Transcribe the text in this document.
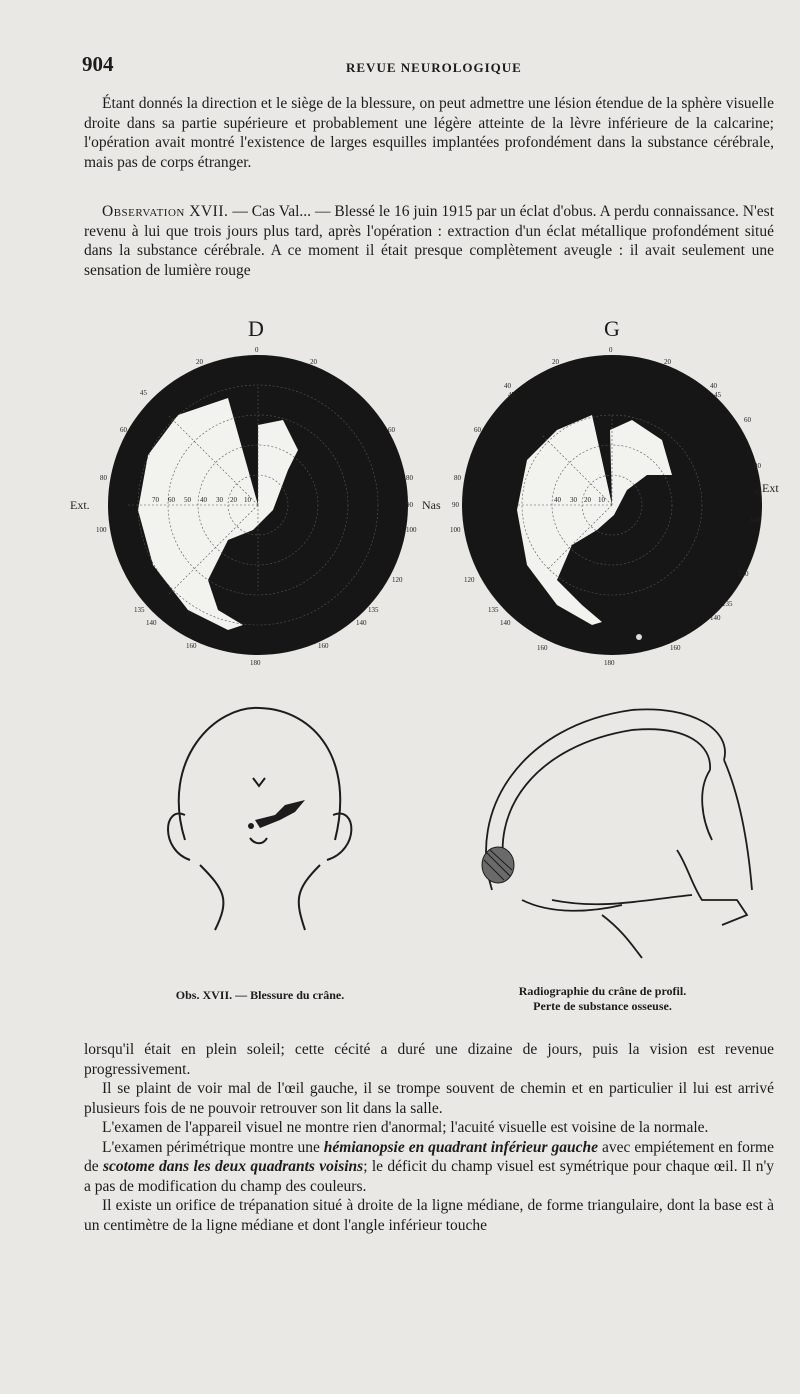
904	REVUE NEUROLOGIQUE

Étant donnés la direction et le siège de la blessure, on peut admettre une lésion étendue de la sphère visuelle droite dans sa partie supérieure et probablement une légère atteinte de la lèvre inférieure de la calcarine; l'opération avait montré l'existence de larges esquilles implantées profondément dans la substance cérébrale, mais pas de corps étranger.

Observation XVII. — Cas Val... — Blessé le 16 juin 1915 par un éclat d'obus. A perdu connaissance. N'est revenu à lui que trois jours plus tard, après l'opération : extraction d'un éclat métallique profondément situé dans la substance cérébrale. A ce moment il était presque complètement aveugle : il avait seulement une sensation de lumière rouge

D	G
0
20	20
45
60	60
80	80
90
100	100
120
135	135
140	140
160	160
180
70 60 50 40 30 20 10
Ext.	Nas
0
20	20
40	40
45	45
60
60
80
80
90
90
100
100
120
120
135
135
140
140
160	160
180
40 30 20 10
Ext
Obs. XVII. — Blessure du crâne.	Radiographie du crâne de profil.
Perte de substance osseuse.

lorsqu'il était en plein soleil; cette cécité a duré une dizaine de jours, puis la vision est revenue progressivement.

Il se plaint de voir mal de l'œil gauche, il se trompe souvent de chemin et en particulier il lui est arrivé plusieurs fois de ne pouvoir retrouver son lit dans la salle.

L'examen de l'appareil visuel ne montre rien d'anormal; l'acuité visuelle est voisine de la normale.

L'examen périmétrique montre une hémianopsie en quadrant inférieur gauche avec empiétement en forme de scotome dans les deux quadrants voisins; le déficit du champ visuel est symétrique pour chaque œil. Il n'y a pas de modification du champ des couleurs.

Il existe un orifice de trépanation situé à droite de la ligne médiane, de forme triangulaire, dont la base est à un centimètre de la ligne médiane et dont l'angle inférieur touche
